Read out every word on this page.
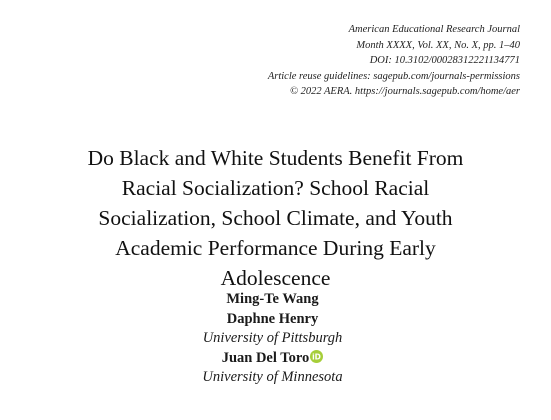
American Educational Research Journal
Month XXXX, Vol. XX, No. X, pp. 1–40
DOI: 10.3102/00028312221134771
Article reuse guidelines: sagepub.com/journals-permissions
© 2022 AERA. https://journals.sagepub.com/home/aer
Do Black and White Students Benefit From
Racial Socialization? School Racial
Socialization, School Climate, and Youth
Academic Performance During Early
Adolescence
Ming-Te Wang
Daphne Henry
University of Pittsburgh
Juan Del Toro iD
University of Minnesota
